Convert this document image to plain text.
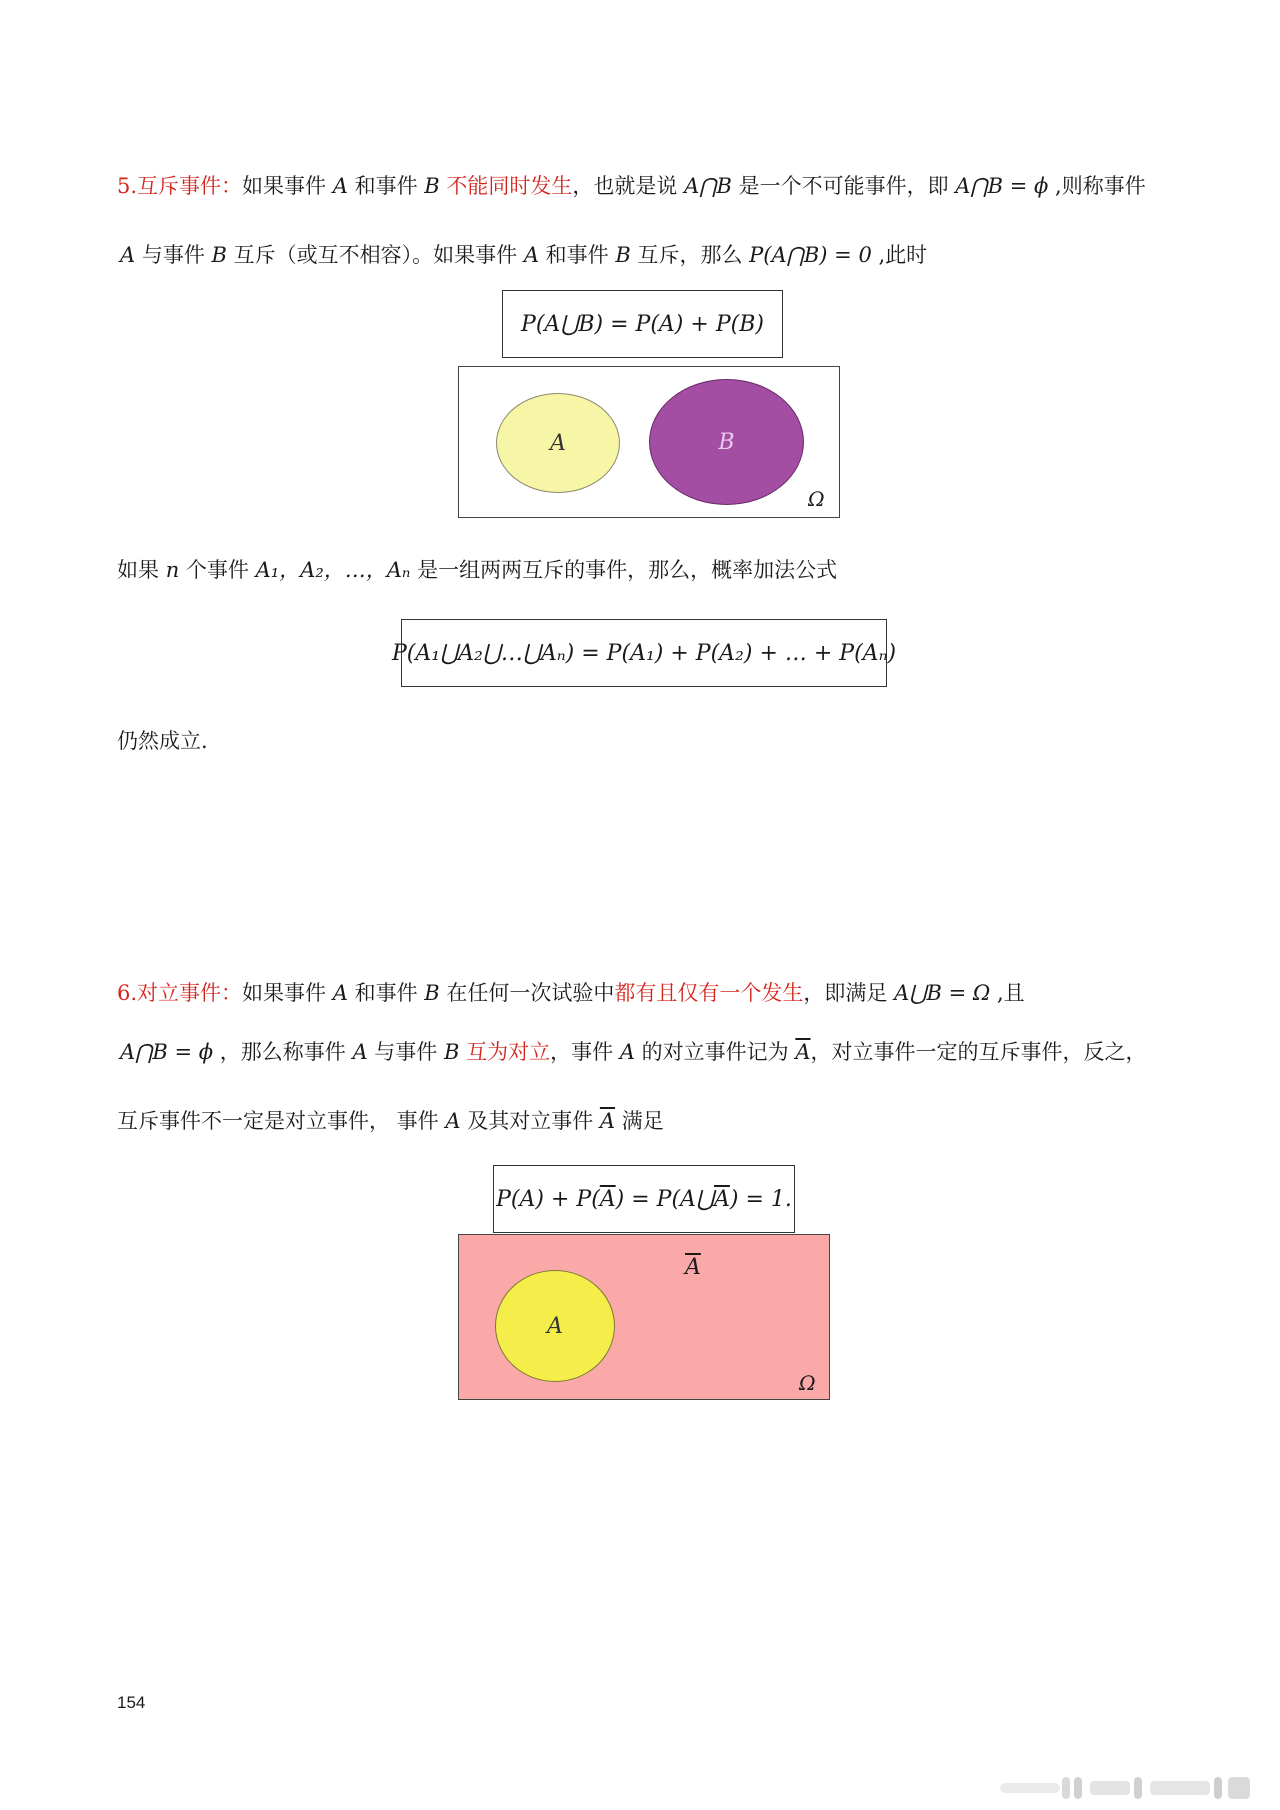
5.互斥事件：如果事件 A 和事件 B 不能同时发生，也就是说 A⋂B 是一个不可能事件，即 A⋂B = ϕ ,则称事件
A 与事件 B 互斥（或互不相容）。如果事件 A 和事件 B 互斥，那么 P(A⋂B) = 0 ,此时
P(A⋃B) = P(A) + P(B)
A	B
Ω
如果 n 个事件 A₁，A₂，…，Aₙ 是一组两两互斥的事件，那么，概率加法公式
P(A₁⋃A₂⋃…⋃Aₙ) = P(A₁) + P(A₂) + … + P(Aₙ)
仍然成立.
6.对立事件：如果事件 A 和事件 B 在任何一次试验中都有且仅有一个发生，即满足 A⋃B = Ω ,且
A⋂B = ϕ ，那么称事件 A 与事件 B 互为对立，事件 A 的对立事件记为 $\overline{A}$，对立事件一定的互斥事件，反之，
互斥事件不一定是对立事件， 事件 A 及其对立事件 $\overline{A}$ 满足
$P(A) + P(\overline{A})$ = $P(A⋃\overline{A}) = 1$.
A
$\overline{A}$
Ω
154
